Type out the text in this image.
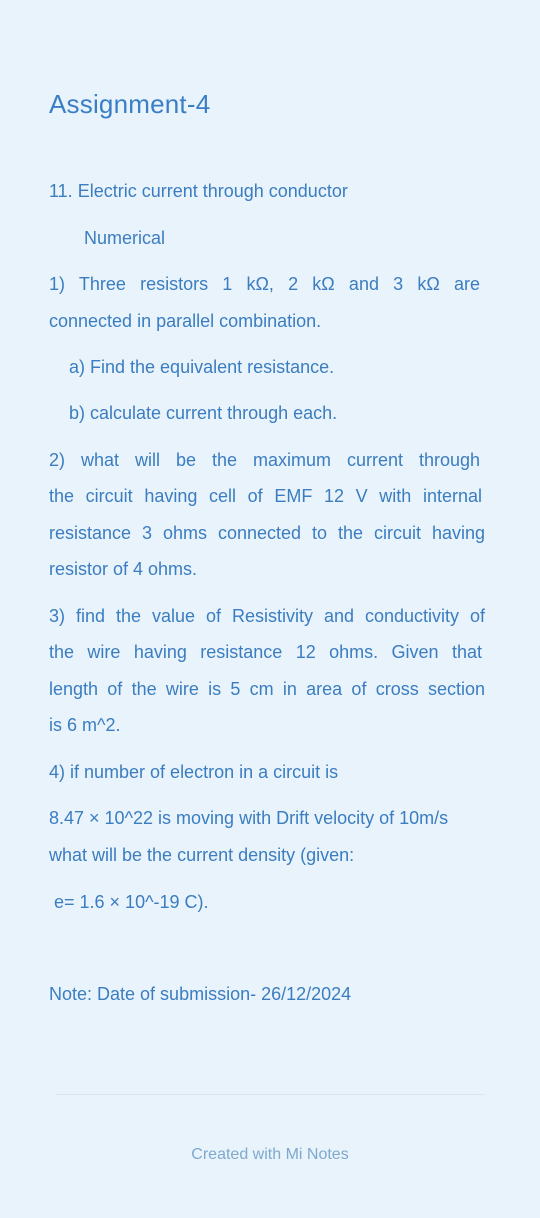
Assignment-4
11. Electric current through conductor
Numerical
1) Three resistors 1 kΩ, 2 kΩ and 3 kΩ are
connected in parallel combination.
a) Find the equivalent resistance.
b) calculate current through each.
2) what will be the maximum current through
the circuit having cell of EMF 12 V with internal
resistance 3 ohms connected to the circuit having
resistor of 4 ohms.
3) find the value of Resistivity and conductivity of
the wire having resistance 12 ohms. Given that
length of the wire is 5 cm in area of cross section
is 6 m^2.
4) if number of electron in a circuit is
8.47 × 10^22 is moving with Drift velocity of 10m/s
what will be the current density (given:
e= 1.6 × 10^-19 C).
Note: Date of submission- 26/12/2024
Created with Mi Notes
